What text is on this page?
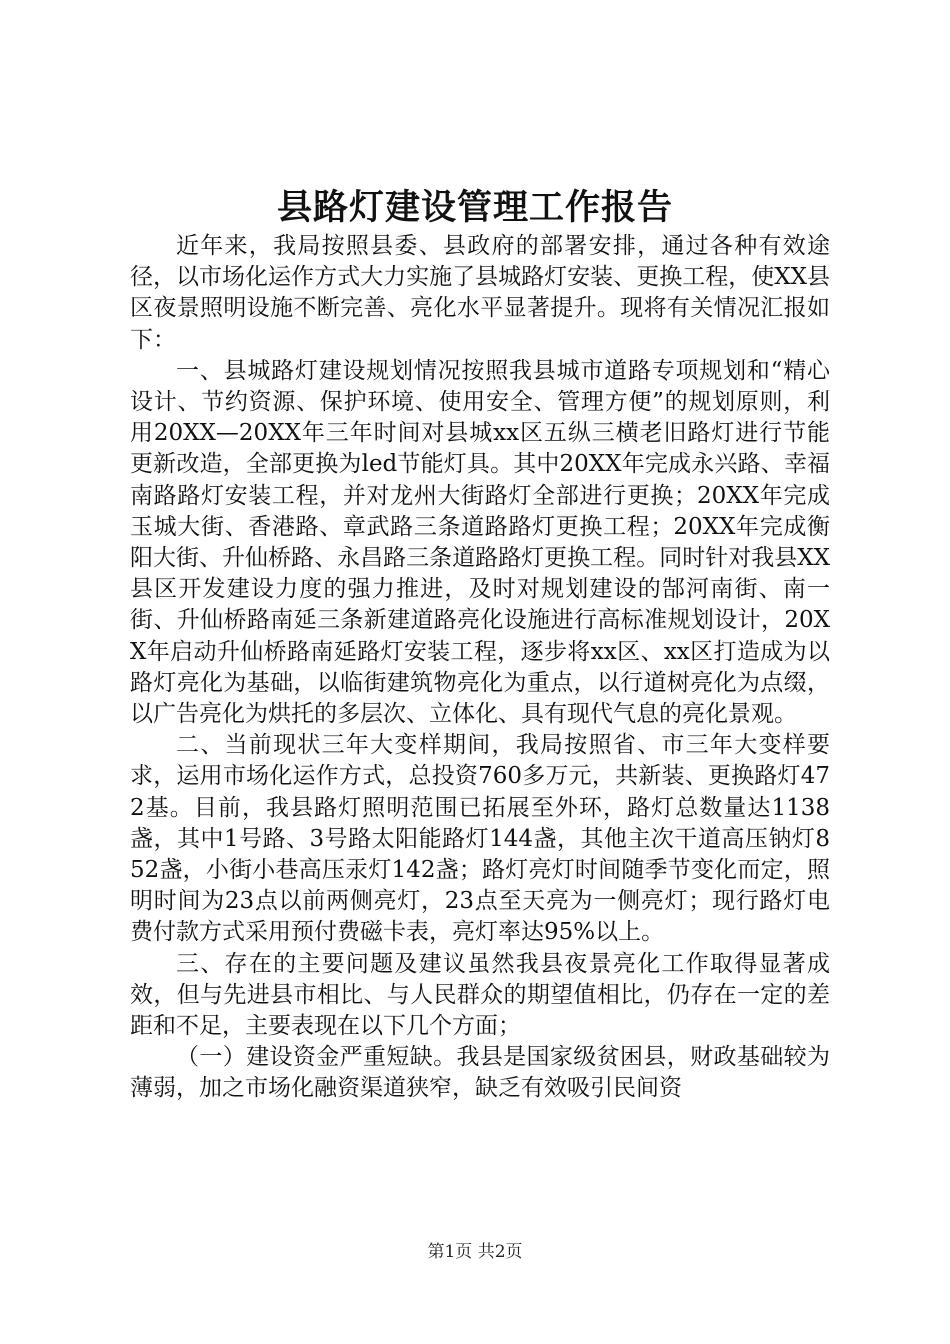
县路灯建设管理工作报告

近年来，我局按照县委、县政府的部署安排，通过各种有效途径，以市场化运作方式大力实施了县城路灯安装、更换工程，使XX县区夜景照明设施不断完善、亮化水平显著提升。现将有关情况汇报如下：

一、县城路灯建设规划情况按照我县城市道路专项规划和“精心设计、节约资源、保护环境、使用安全、管理方便”的规划原则，利用20XX—20XX年三年时间对县城xx区五纵三横老旧路灯进行节能更新改造，全部更换为led节能灯具。其中20XX年完成永兴路、幸福南路路灯安装工程，并对龙州大街路灯全部进行更换；20XX年完成玉城大街、香港路、章武路三条道路路灯更换工程；20XX年完成衡阳大街、升仙桥路、永昌路三条道路路灯更换工程。同时针对我县XX县区开发建设力度的强力推进，及时对规划建设的郜河南街、南一街、升仙桥路南延三条新建道路亮化设施进行高标准规划设计，20XX年启动升仙桥路南延路灯安装工程，逐步将xx区、xx区打造成为以路灯亮化为基础，以临街建筑物亮化为重点，以行道树亮化为点缀，以广告亮化为烘托的多层次、立体化、具有现代气息的亮化景观。

二、当前现状三年大变样期间，我局按照省、市三年大变样要求，运用市场化运作方式，总投资760多万元，共新装、更换路灯472基。目前，我县路灯照明范围已拓展至外环，路灯总数量达1138盏，其中1号路、3号路太阳能路灯144盏，其他主次干道高压钠灯852盏，小街小巷高压汞灯142盏；路灯亮灯时间随季节变化而定，照明时间为23点以前两侧亮灯，23点至天亮为一侧亮灯；现行路灯电费付款方式采用预付费磁卡表，亮灯率达95%以上。

三、存在的主要问题及建议虽然我县夜景亮化工作取得显著成效，但与先进县市相比、与人民群众的期望值相比，仍存在一定的差距和不足，主要表现在以下几个方面；

（一）建设资金严重短缺。我县是国家级贫困县，财政基础较为薄弱，加之市场化融资渠道狭窄，缺乏有效吸引民间资

第1页 共2页
